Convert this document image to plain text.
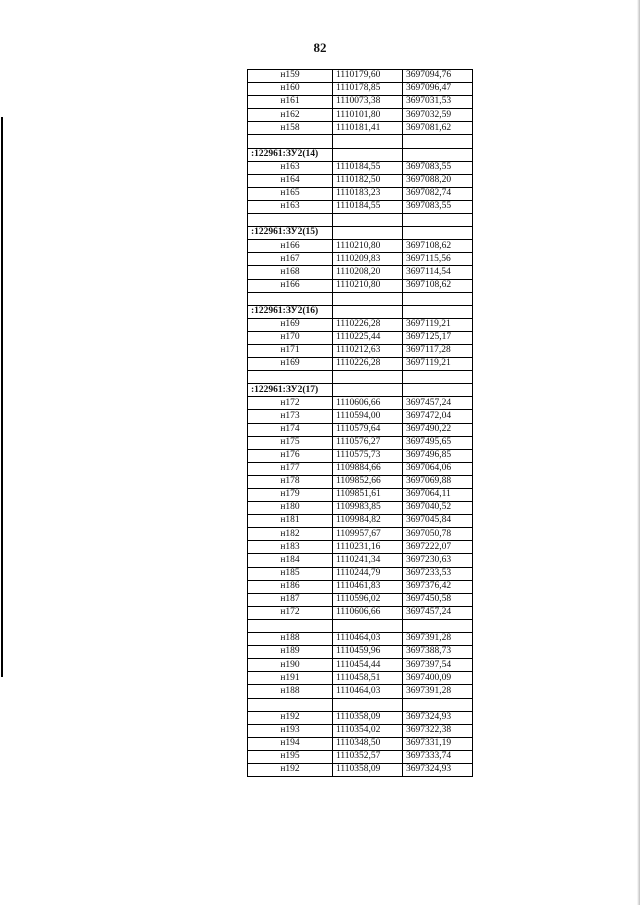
82
н159	1110179,60	3697094,76
н160	1110178,85	3697096,47
н161	1110073,38	3697031,53
н162	1110101,80	3697032,59
н158	1110181,41	3697081,62

:122961:ЗУ2(14)		
н163	1110184,55	3697083,55
н164	1110182,50	3697088,20
н165	1110183,23	3697082,74
н163	1110184,55	3697083,55

:122961:ЗУ2(15)		
н166	1110210,80	3697108,62
н167	1110209,83	3697115,56
н168	1110208,20	3697114,54
н166	1110210,80	3697108,62

:122961:ЗУ2(16)		
н169	1110226,28	3697119,21
н170	1110225,44	3697125,17
н171	1110212,63	3697117,28
н169	1110226,28	3697119,21

:122961:ЗУ2(17)		
н172	1110606,66	3697457,24
н173	1110594,00	3697472,04
н174	1110579,64	3697490,22
н175	1110576,27	3697495,65
н176	1110575,73	3697496,85
н177	1109884,66	3697064,06
н178	1109852,66	3697069,88
н179	1109851,61	3697064,11
н180	1109983,85	3697040,52
н181	1109984,82	3697045,84
н182	1109957,67	3697050,78
н183	1110231,16	3697222,07
н184	1110241,34	3697230,63
н185	1110244,79	3697233,53
н186	1110461,83	3697376,42
н187	1110596,02	3697450,58
н172	1110606,66	3697457,24

н188	1110464,03	3697391,28
н189	1110459,96	3697388,73
н190	1110454,44	3697397,54
н191	1110458,51	3697400,09
н188	1110464,03	3697391,28

н192	1110358,09	3697324,93
н193	1110354,02	3697322,38
н194	1110348,50	3697331,19
н195	1110352,57	3697333,74
н192	1110358,09	3697324,93
